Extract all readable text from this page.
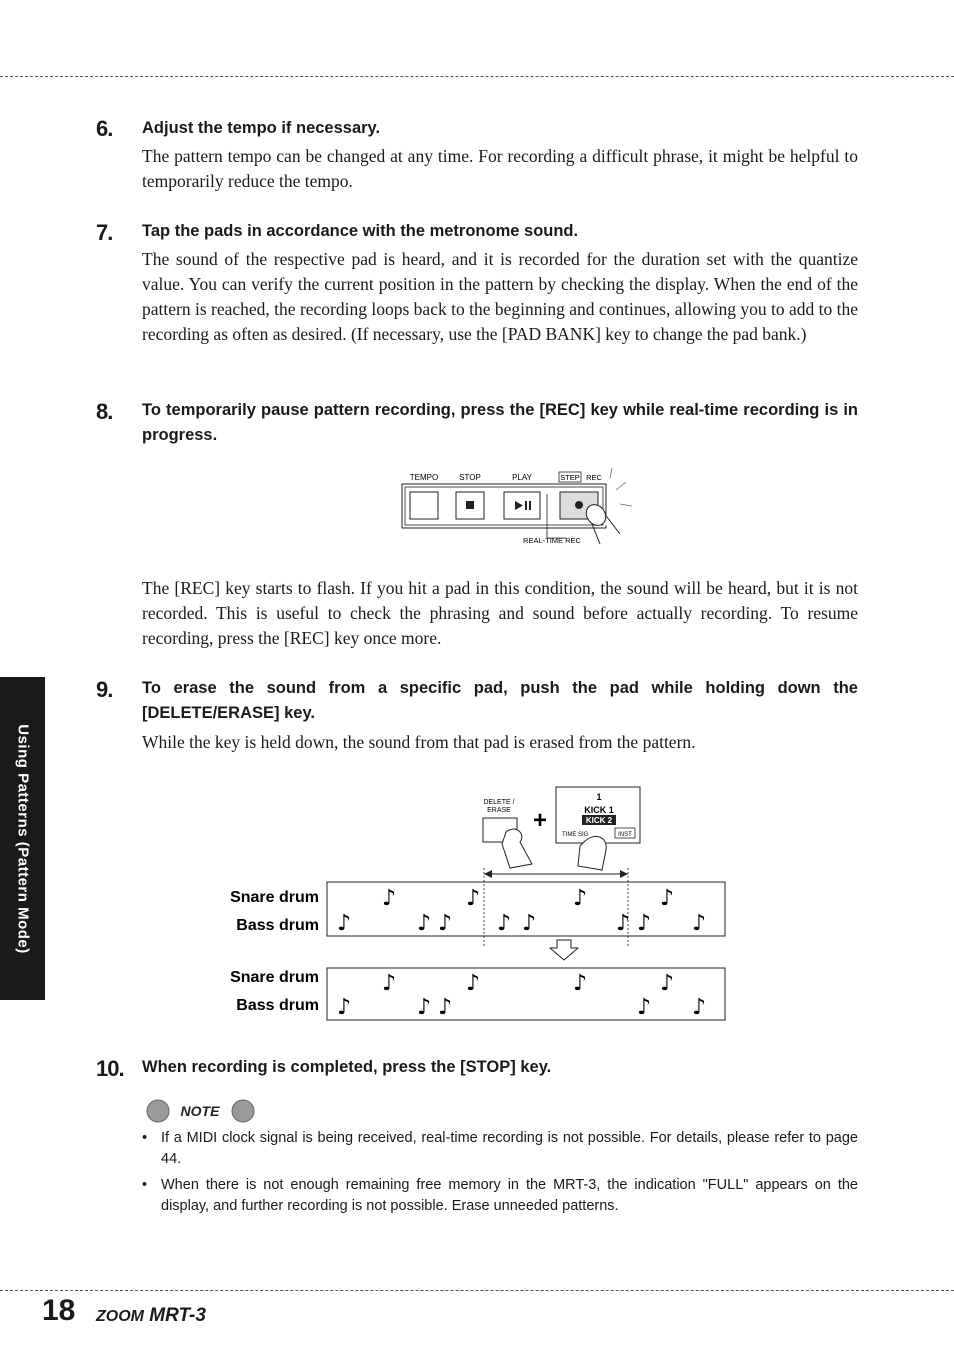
6. Adjust the tempo if necessary.
The pattern tempo can be changed at any time. For recording a difficult phrase, it might be helpful to temporarily reduce the tempo.
7. Tap the pads in accordance with the metronome sound.
The sound of the respective pad is heard, and it is recorded for the duration set with the quantize value. You can verify the current position in the pattern by checking the display. When the end of the pattern is reached, the recording loops back to the beginning and continues, allowing you to add to the recording as often as desired. (If necessary, use the [PAD BANK] key to change the pad bank.)
8. To temporarily pause pattern recording, press the [REC] key while real-time recording is in progress.
TEMPO	STOP	PLAY	STEP REC
REAL-TIME REC
The [REC] key starts to flash. If you hit a pad in this condition, the sound will be heard, but it is not recorded. This is useful to check the phrasing and sound before actually recording. To resume recording, press the [REC] key once more.
Using Patterns (Pattern Mode)
9. To erase the sound from a specific pad, push the pad while holding down the [DELETE/ERASE] key.
While the key is held down, the sound from that pad is erased from the pattern.
DELETE /
ERASE +
1
KICK 1
KICK 2
TIME SIG	INST
Snare drum
Bass drum
Snare drum
Bass drum
♪	♪	♪	♪
♪	♪ ♪ ♪ ♪	♪ ♪ ♪
♪	♪	♪	♪
♪	♪ ♪	♪ ♪
10. When recording is completed, press the [STOP] key.
NOTE
• If a MIDI clock signal is being received, real-time recording is not possible. For details, please refer to page 44.
• When there is not enough remaining free memory in the MRT-3, the indication "FULL" appears on the display, and further recording is not possible. Erase unneeded patterns.
18 ZOOM MRT-3
